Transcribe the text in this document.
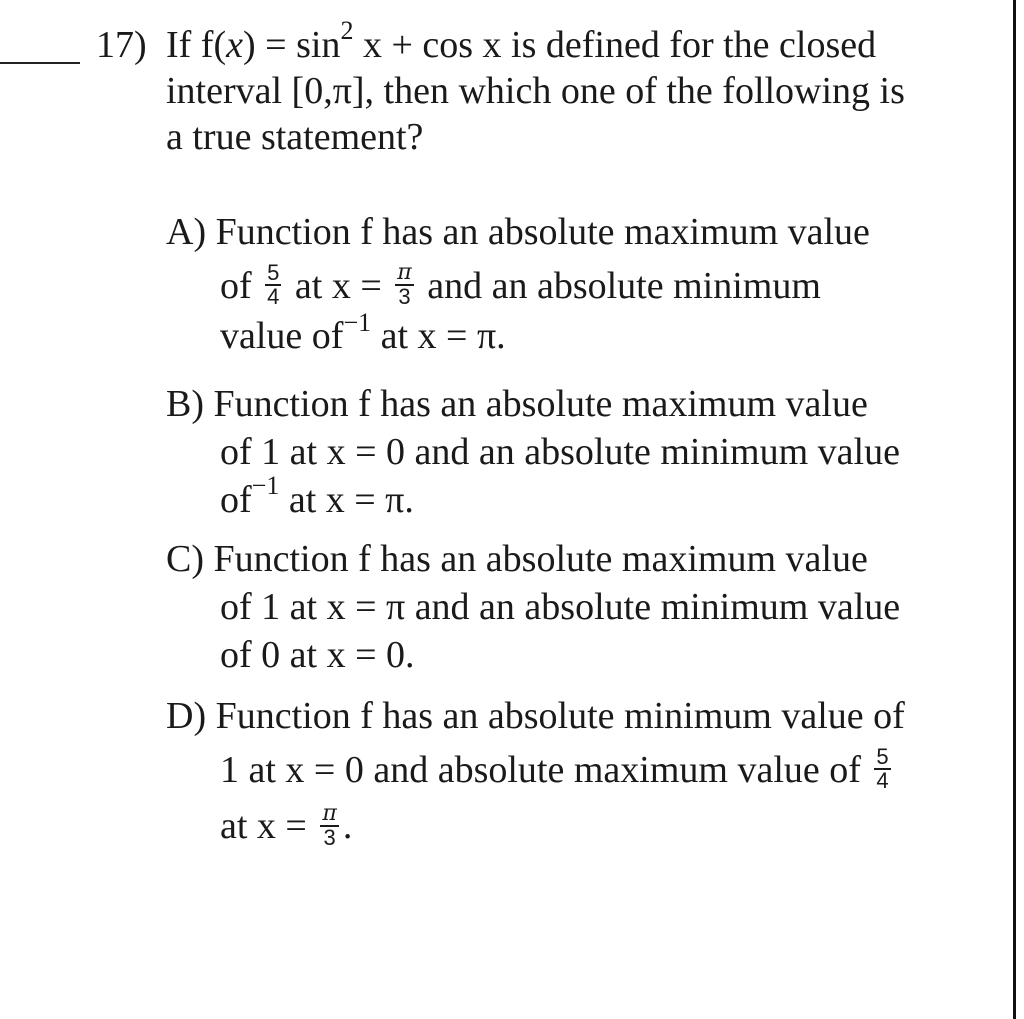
17) If $f(x) = \sin^2 x + \cos x$ is defined for the closed
interval [0,π], then which one of the following is
a true statement?
A) Function f has an absolute maximum value
of $\frac{5}{4}$ at $x = \frac{\pi}{3}$ and an absolute minimum
value $of^{-1}$ at x = π.
B) Function f has an absolute maximum value
of 1 at x = 0 and an absolute minimum value
$of^{-1}$ at x = π.
C) Function f has an absolute maximum value
of 1 at x = π and an absolute minimum value
of 0 at x = 0.
D) Function f has an absolute minimum value of
1 at x = 0 and absolute maximum value of $\frac{5}{4}$
at $x = \frac{\pi}{3}$ .
